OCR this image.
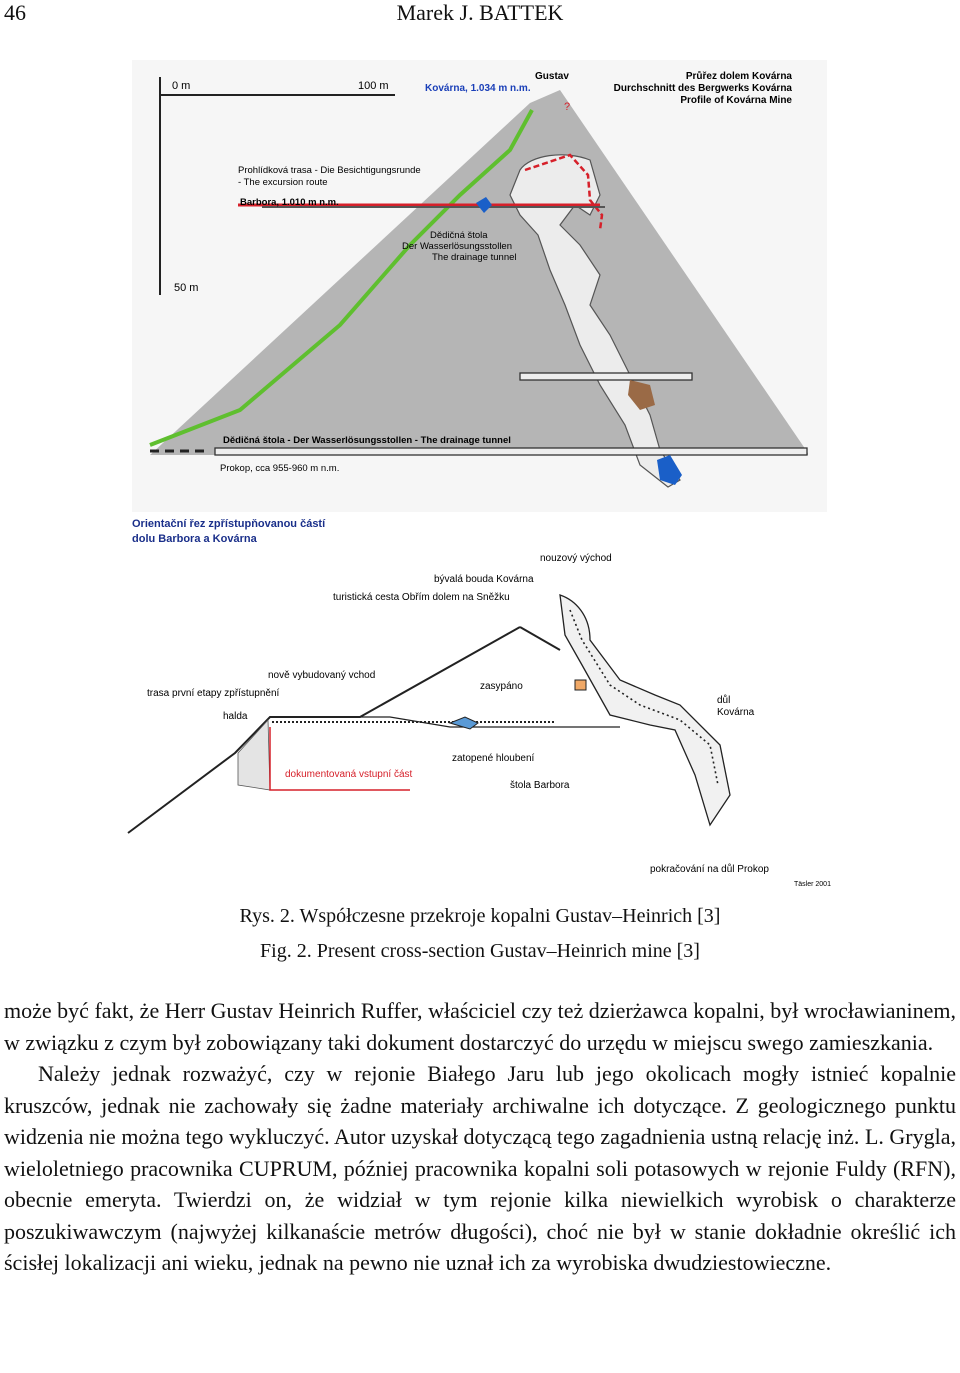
46	Marek J. BATTEK
0 m	100 m
50 m
Gustav
Kovárna, 1.034 m n.m.
?
Průřez dolem Kovárna
Durchschnitt des Bergwerks Kovárna
Profile of Kovárna Mine
Prohlídková trasa - Die Besichtigungsrunde
- The excursion route
Barbora, 1.010 m n.m.
Dědičná štola
Der Wasserlösungsstollen
The drainage tunnel
Dědičná štola - Der Wasserlösungsstollen - The drainage tunnel
Prokop, cca 955-960 m n.m.
Orientační řez zpřístupňovanou částí
dolu Barbora a Kovárna
nouzový východ
bývalá bouda Kovárna
turistická cesta Obřím dolem na Sněžku
nově vybudovaný vchod
trasa první etapy zpřístupnění
halda
zasypáno
důl
Kovárna
zatopené hloubení
dokumentovaná vstupní část
štola Barbora
pokračování na důl Prokop
Täsler 2001
Rys. 2. Współczesne przekroje kopalni Gustav–Heinrich [3]
Fig. 2. Present cross-section Gustav–Heinrich mine [3]

może być fakt, że Herr Gustav Heinrich Ruffer, właściciel czy też dzierżawca kopalni, był wrocławianinem, w związku z czym był zobowiązany taki dokument dostarczyć do urzędu w miejscu swego zamieszkania.

Należy jednak rozważyć, czy w rejonie Białego Jaru lub jego okolicach mogły istnieć kopalnie kruszców, jednak nie zachowały się żadne materiały archiwalne ich dotyczące. Z geologicznego punktu widzenia nie można tego wykluczyć. Autor uzyskał dotyczącą tego zagadnienia ustną relację inż. L. Grygla, wieloletniego pracownika CUPRUM, później pracownika kopalni soli potasowych w rejonie Fuldy (RFN), obecnie emeryta. Twierdzi on, że widział w tym rejonie kilka niewielkich wyrobisk o charakterze poszukiwawczym (najwyżej kilkanaście metrów długości), choć nie był w stanie dokładnie określić ich ścisłej lokalizacji ani wieku, jednak na pewno nie uznał ich za wyrobiska dwudziestowieczne.
